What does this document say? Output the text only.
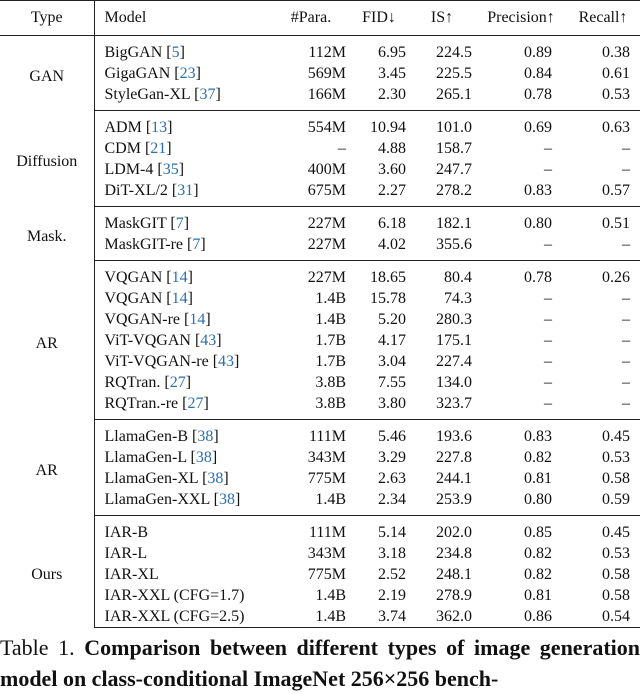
Type	Model	#Para.	FID↓	IS↑	Precision↑	Recall↑
GAN	BigGAN [5]	112M	6.95	224.5	0.89	0.38
	GigaGAN [23]	569M	3.45	225.5	0.84	0.61
	StyleGan-XL [37]	166M	2.30	265.1	0.78	0.53
Diffusion	ADM [13]	554M	10.94	101.0	0.69	0.63
	CDM [21]	–	4.88	158.7	–	–
	LDM-4 [35]	400M	3.60	247.7	–	–
	DiT-XL/2 [31]	675M	2.27	278.2	0.83	0.57
Mask.	MaskGIT [7]	227M	6.18	182.1	0.80	0.51
	MaskGIT-re [7]	227M	4.02	355.6	–	–
AR	VQGAN [14]	227M	18.65	80.4	0.78	0.26
	VQGAN [14]	1.4B	15.78	74.3	–	–
	VQGAN-re [14]	1.4B	5.20	280.3	–	–
	ViT-VQGAN [43]	1.7B	4.17	175.1	–	–
	ViT-VQGAN-re [43]	1.7B	3.04	227.4	–	–
	RQTran. [27]	3.8B	7.55	134.0	–	–
	RQTran.-re [27]	3.8B	3.80	323.7	–	–
AR	LlamaGen-B [38]	111M	5.46	193.6	0.83	0.45
	LlamaGen-L [38]	343M	3.29	227.8	0.82	0.53
	LlamaGen-XL [38]	775M	2.63	244.1	0.81	0.58
	LlamaGen-XXL [38]	1.4B	2.34	253.9	0.80	0.59
Ours	IAR-B	111M	5.14	202.0	0.85	0.45
	IAR-L	343M	3.18	234.8	0.82	0.53
	IAR-XL	775M	2.52	248.1	0.82	0.58
	IAR-XXL (CFG=1.7)	1.4B	2.19	278.9	0.81	0.58
	IAR-XXL (CFG=2.5)	1.4B	3.74	362.0	0.86	0.54
Table 1. Comparison between different types of image generation model on class-conditional ImageNet 256×256 bench-
